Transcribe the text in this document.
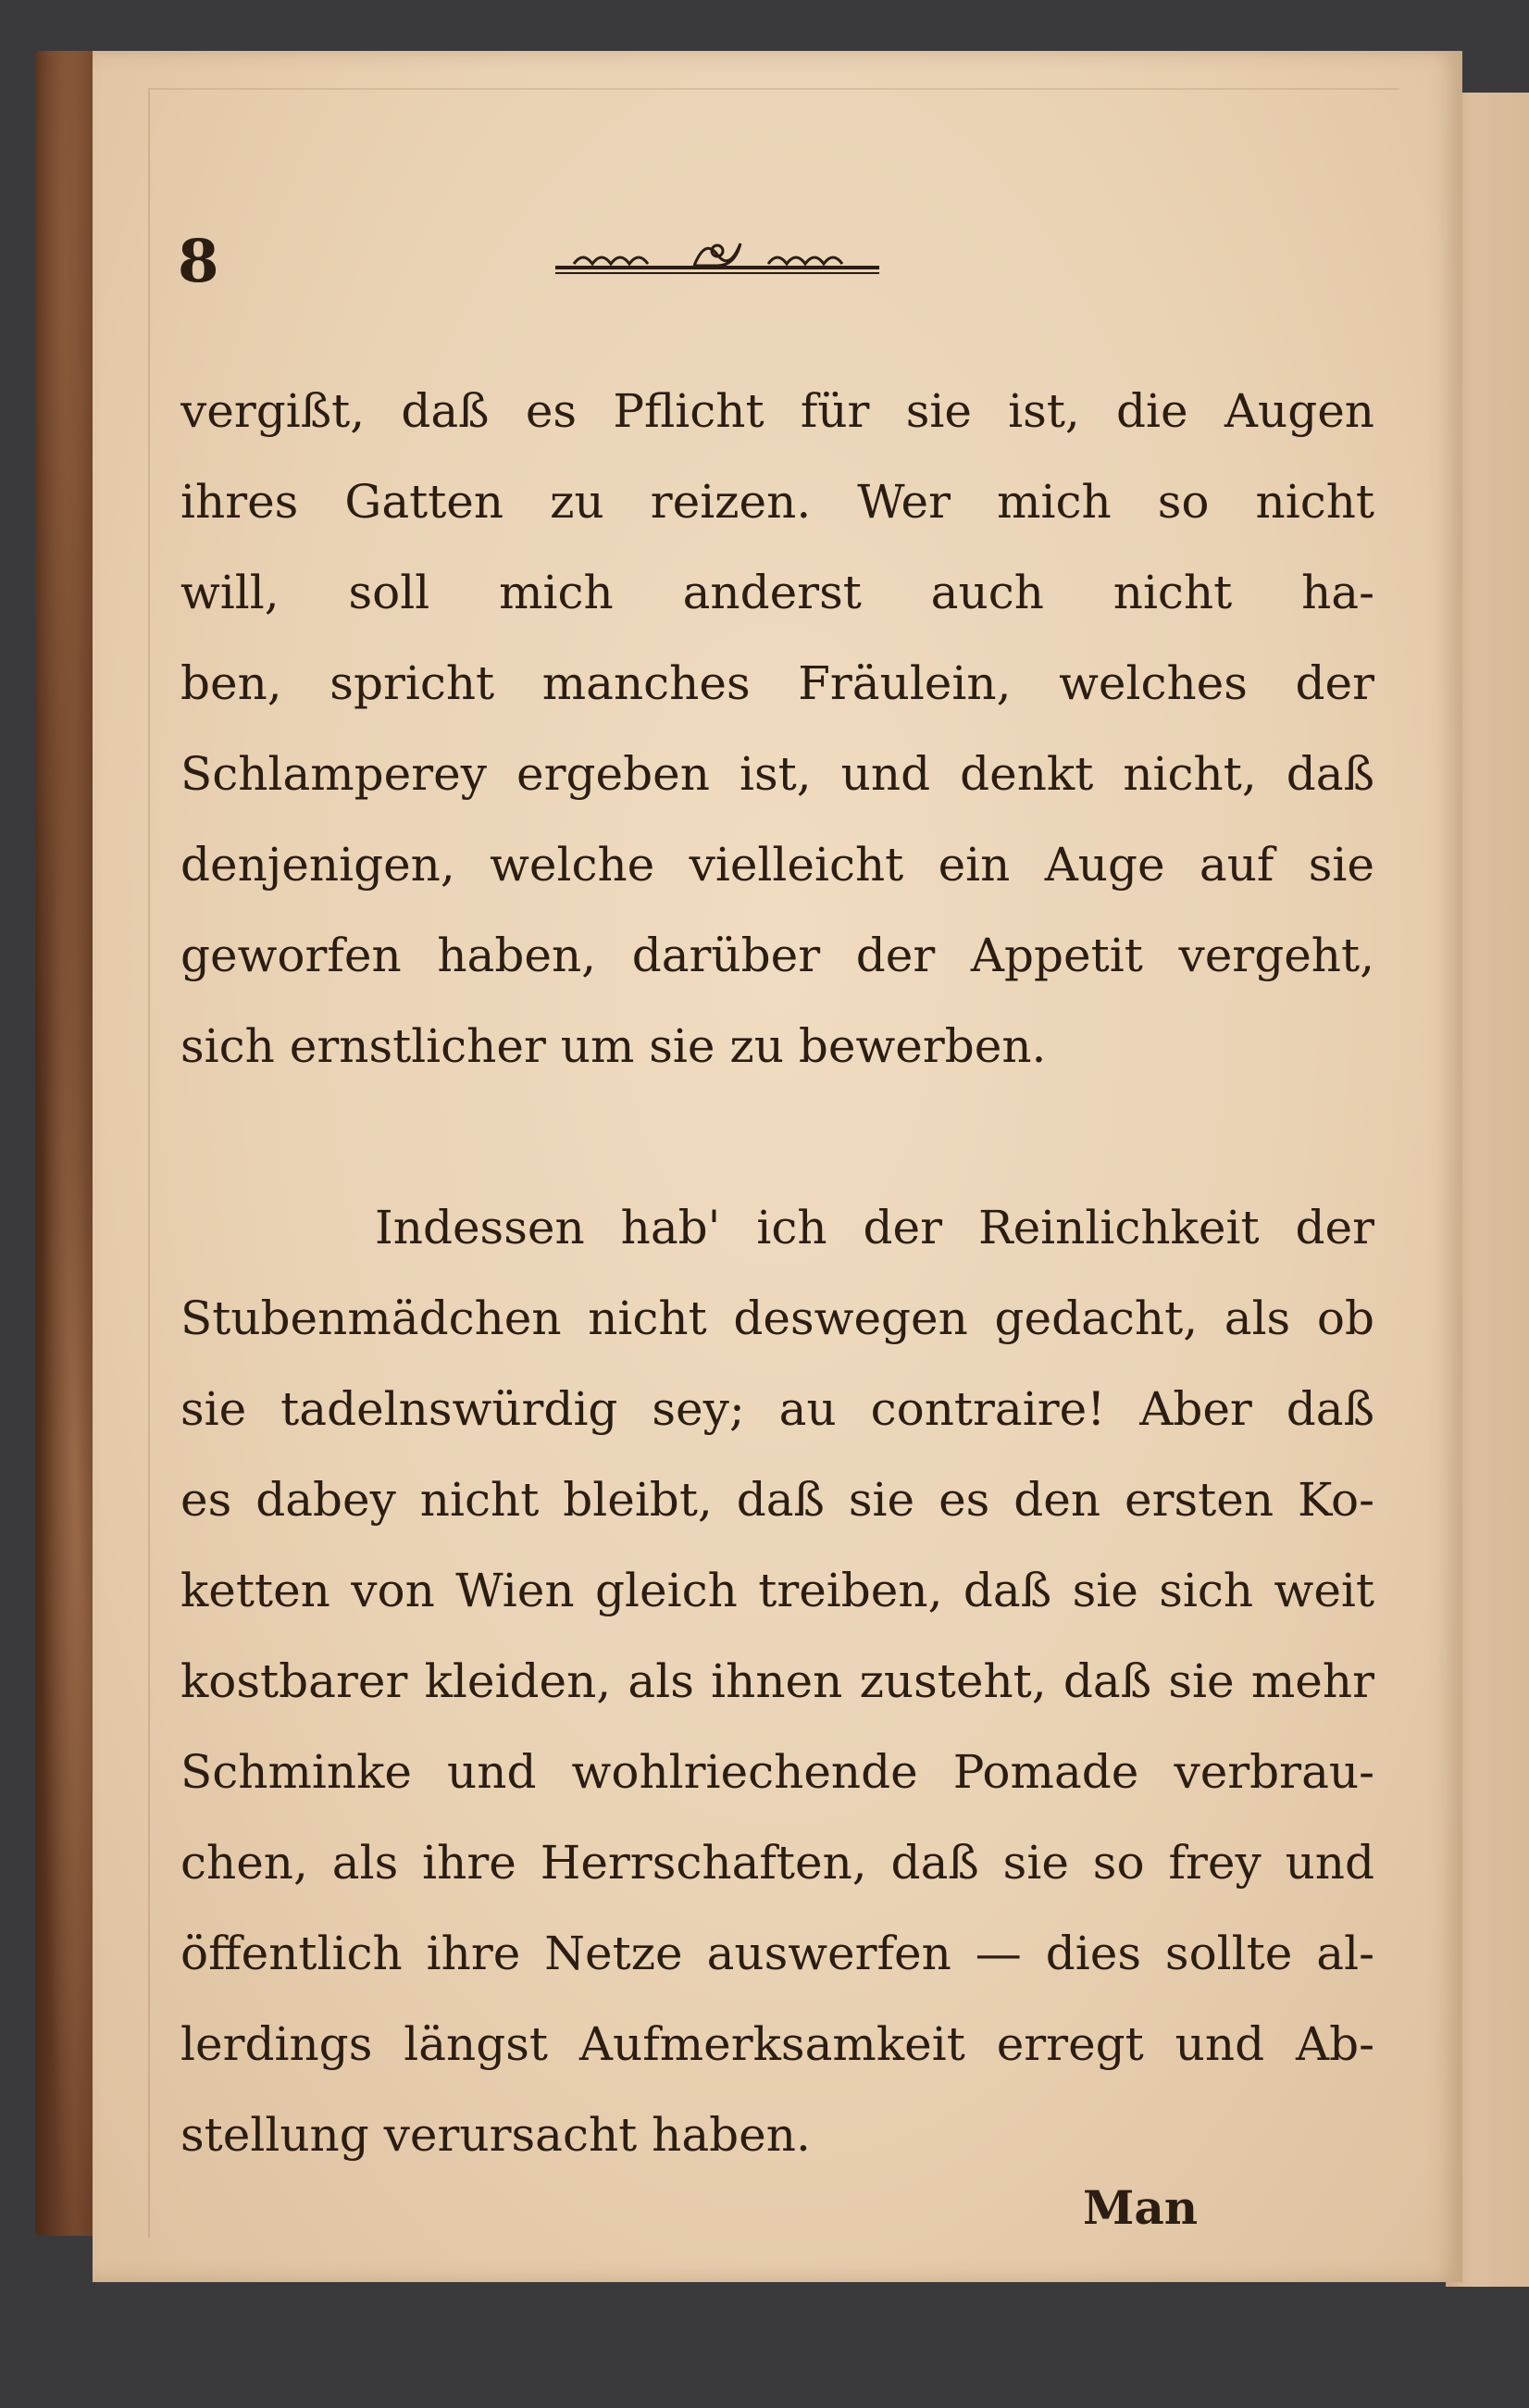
8
vergißt, daß es Pflicht für sie ist, die Augen
ihres Gatten zu reizen. Wer mich so nicht
will, soll mich anderst auch nicht ha-
ben, spricht manches Fräulein, welches der
Schlamperey ergeben ist, und denkt nicht, daß
denjenigen, welche vielleicht ein Auge auf sie
geworfen haben, darüber der Appetit vergeht,
sich ernstlicher um sie zu bewerben.
Indessen hab' ich der Reinlichkeit der
Stubenmädchen nicht deswegen gedacht, als ob
sie tadelnswürdig sey; au contraire! Aber daß
es dabey nicht bleibt, daß sie es den ersten Ko-
ketten von Wien gleich treiben, daß sie sich weit
kostbarer kleiden, als ihnen zusteht, daß sie mehr
Schminke und wohlriechende Pomade verbrau-
chen, als ihre Herrschaften, daß sie so frey und
öffentlich ihre Netze auswerfen — dies sollte al-
lerdings längst Aufmerksamkeit erregt und Ab-
stellung verursacht haben.
Man
